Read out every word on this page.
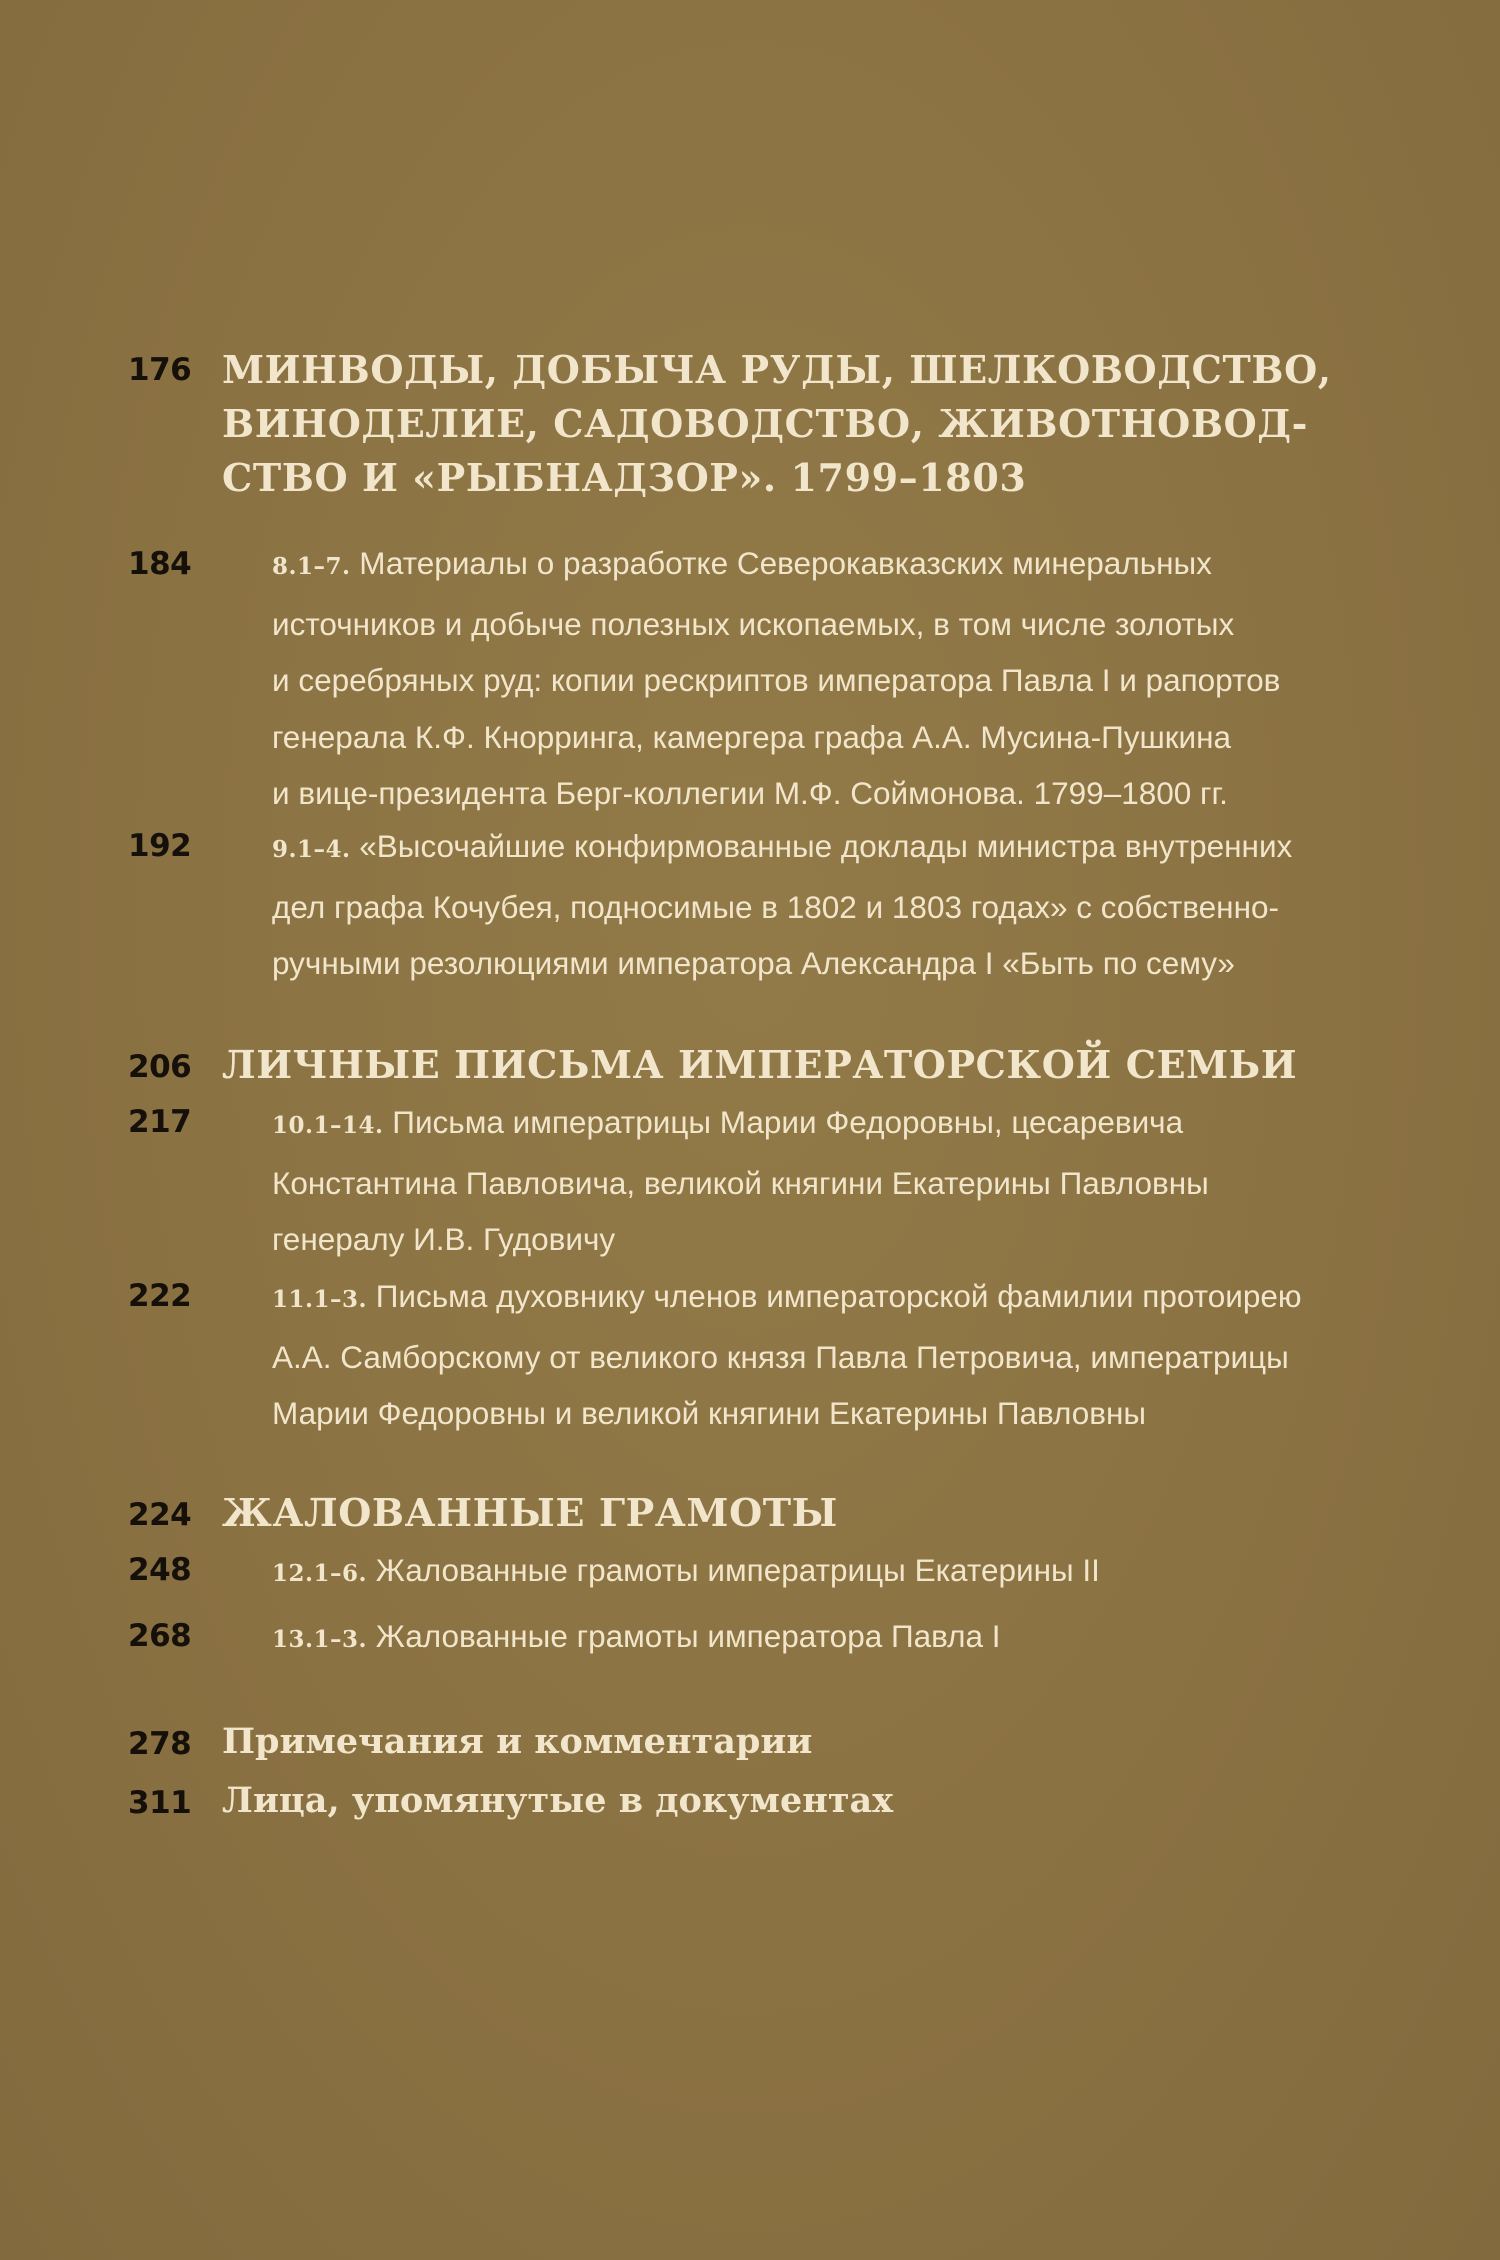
176 МИНВОДЫ, ДОБЫЧА РУДЫ, ШЕЛКОВОДСТВО,
ВИНОДЕЛИЕ, САДОВОДСТВО, ЖИВОТНОВОД-
СТВО И «РЫБНАДЗОР». 1799–1803
184	8.1–7. Материалы о разработке Северокавказских минеральных
источников и добыче полезных ископаемых, в том числе золотых
и серебряных руд: копии рескриптов императора Павла I и рапортов
генерала К.Ф. Кнорринга, камергера графа А.А. Мусина-Пушкина
и вице-президента Берг-коллегии М.Ф. Соймонова. 1799–1800 гг.
192	9.1–4. «Высочайшие конфирмованные доклады министра внутренних
дел графа Кочубея, подносимые в 1802 и 1803 годах» с собственно-
ручными резолюциями императора Александра I «Быть по сему»
206 ЛИЧНЫЕ ПИСЬМА ИМПЕРАТОРСКОЙ СЕМЬИ
217	10.1–14. Письма императрицы Марии Федоровны, цесаревича
Константина Павловича, великой княгини Екатерины Павловны
генералу И.В. Гудовичу
222	11.1–3. Письма духовнику членов императорской фамилии протоирею
А.А. Самборскому от великого князя Павла Петровича, императрицы
Марии Федоровны и великой княгини Екатерины Павловны
224 ЖАЛОВАННЫЕ ГРАМОТЫ
248	12.1–6. Жалованные грамоты императрицы Екатерины II
268	13.1–3. Жалованные грамоты императора Павла I
278 Примечания и комментарии
311 Лица, упомянутые в документах
